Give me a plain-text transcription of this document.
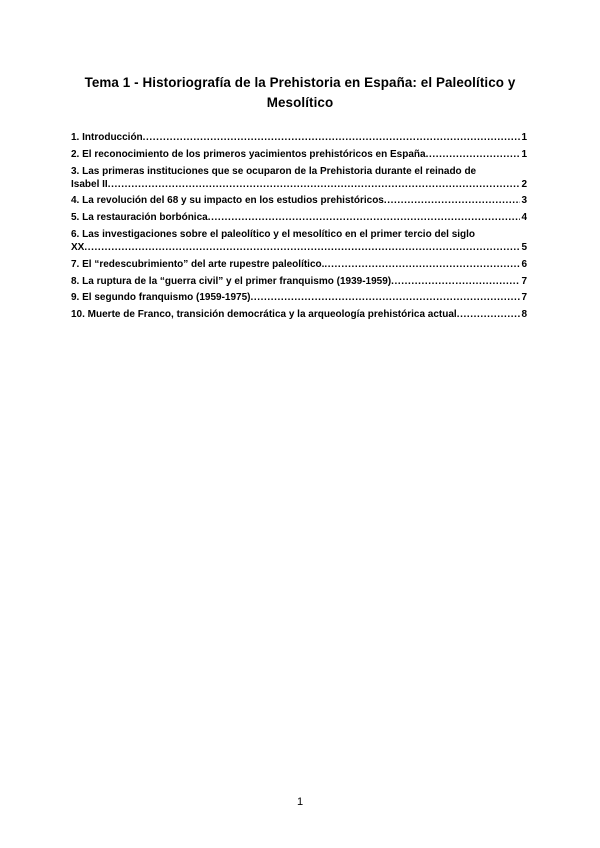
Tema 1 - Historiografía de la Prehistoria en España: el Paleolítico y Mesolítico
1. Introducción .....	1
2. El reconocimiento de los primeros yacimientos prehistóricos en España .....	1
3. Las primeras instituciones que se ocuparon de la Prehistoria durante el reinado de
Isabel II .....	2
4. La revolución del 68 y su impacto en los estudios prehistóricos .....	3
5. La restauración borbónica .....	4
6. Las investigaciones sobre el paleolítico y el mesolítico en el primer tercio del siglo
XX .....	5
7. El “redescubrimiento” del arte rupestre paleolítico. .....	6
8. La ruptura de la “guerra civil” y el primer franquismo (1939-1959) .....	7
9. El segundo franquismo (1959-1975) .....	7
10. Muerte de Franco, transición democrática y la arqueología prehistórica actual .....	8
1
